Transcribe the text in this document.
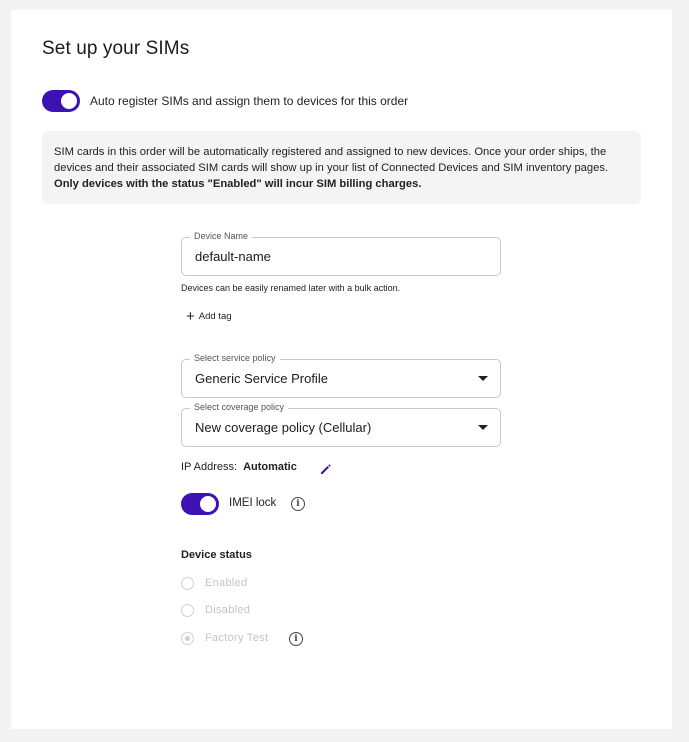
Set up your SIMs
Auto register SIMs and assign them to devices for this order

SIM cards in this order will be automatically registered and assigned to new devices. Once your order ships, the devices and their associated SIM cards will show up in your list of Connected Devices and SIM inventory pages. Only devices with the status "Enabled" will incur SIM billing charges.

Device Name
default-name
Devices can be easily renamed later with a bulk action.
+ Add tag
Select service policy
Generic Service Profile
Select coverage policy
New coverage policy (Cellular)
IP Address: Automatic
IMEI lock	i
Device status
Enabled
Disabled
Factory Test	i
